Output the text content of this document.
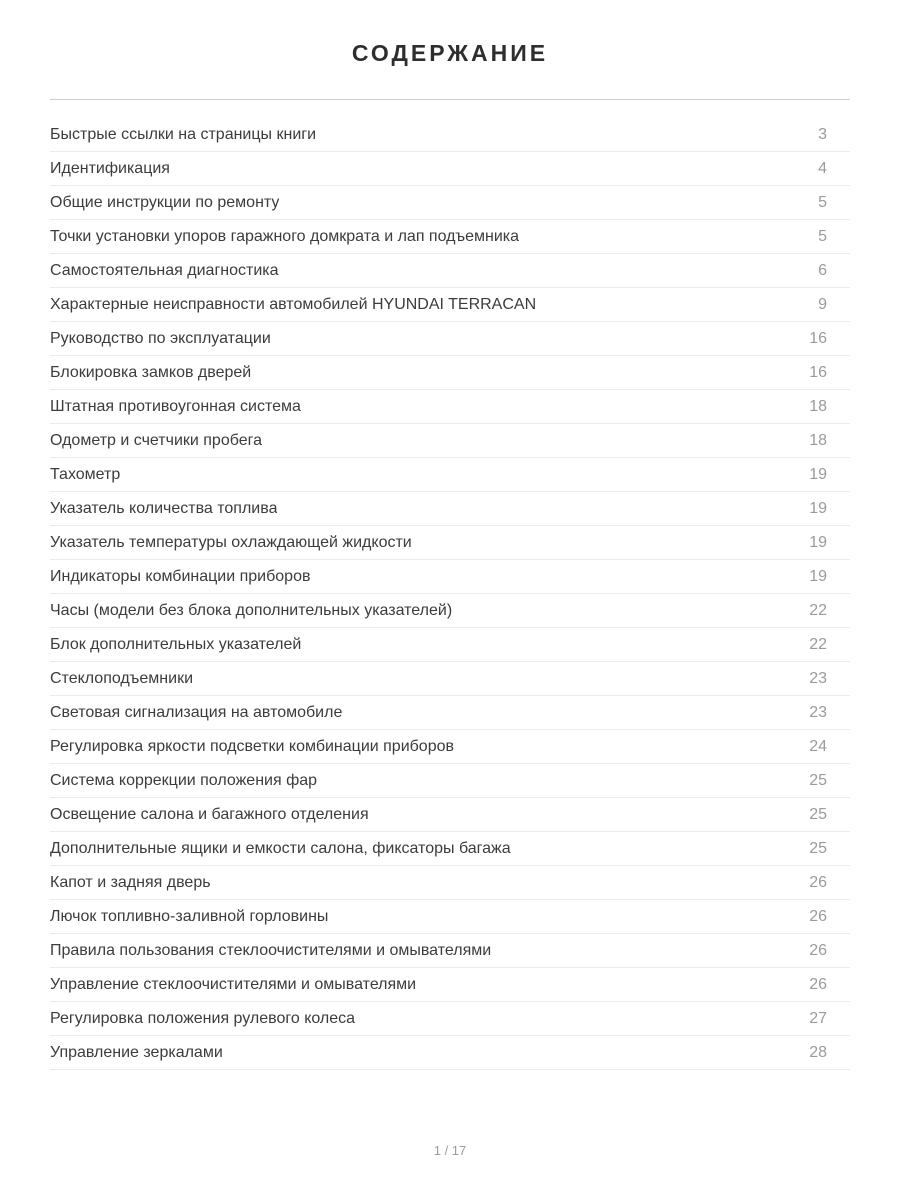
СОДЕРЖАНИЕ
Быстрые ссылки на страницы книги	3
Идентификация	4
Общие инструкции по ремонту	5
Точки установки упоров гаражного домкрата и лап подъемника	5
Самостоятельная диагностика	6
Характерные неисправности автомобилей HYUNDAI TERRACAN	9
Руководство по эксплуатации	16
Блокировка замков дверей	16
Штатная противоугонная система	18
Одометр и счетчики пробега	18
Тахометр	19
Указатель количества топлива	19
Указатель температуры охлаждающей жидкости	19
Индикаторы комбинации приборов	19
Часы (модели без блока дополнительных указателей)	22
Блок дополнительных указателей	22
Стеклоподъемники	23
Световая сигнализация на автомобиле	23
Регулировка яркости подсветки комбинации приборов	24
Система коррекции положения фар	25
Освещение салона и багажного отделения	25
Дополнительные ящики и емкости салона, фиксаторы багажа	25
Капот и задняя дверь	26
Лючок топливно-заливной горловины	26
Правила пользования стеклоочистителями и омывателями	26
Управление стеклоочистителями и омывателями	26
Регулировка положения рулевого колеса	27
Управление зеркалами	28
1 / 17
